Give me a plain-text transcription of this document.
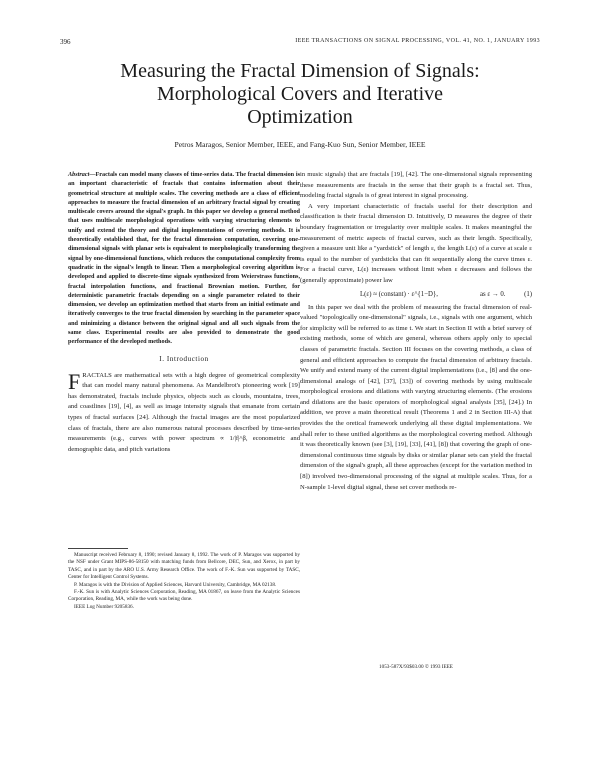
396	IEEE TRANSACTIONS ON SIGNAL PROCESSING, VOL. 41, NO. 1, JANUARY 1993
Measuring the Fractal Dimension of Signals:
Morphological Covers and Iterative
Optimization
Petros Maragos, Senior Member, IEEE, and Fang-Kuo Sun, Senior Member, IEEE

Abstract—Fractals can model many classes of time-series data. The fractal dimension is an important characteristic of fractals that contains information about their geometrical structure at multiple scales. The covering methods are a class of efficient approaches to measure the fractal dimension of an arbitrary fractal signal by creating multiscale covers around the signal's graph. In this paper we develop a general method that uses multiscale morphological operations with varying structuring elements to unify and extend the theory and digital implementations of covering methods. It is theoretically established that, for the fractal dimension computation, covering one-dimensional signals with planar sets is equivalent to morphologically transforming the signal by one-dimensional functions, which reduces the computational complexity from quadratic in the signal's length to linear. Then a morphological covering algorithm is developed and applied to discrete-time signals synthesized from Weierstrass functions, fractal interpolation functions, and fractional Brownian motion. Further, for deterministic parametric fractals depending on a single parameter related to their dimension, we develop an optimization method that starts from an initial estimate and iteratively converges to the true fractal dimension by searching in the parameter space and minimizing a distance between the original signal and all such signals from the same class. Experimental results are also provided to demonstrate the good performance of the developed methods.

I. Introduction

FRACTALS are mathematical sets with a high degree of geometrical complexity that can model many natural phenomena. As Mandelbrot's pioneering work [19] has demonstrated, fractals include physics, objects such as clouds, mountains, trees, and coastlines [19], [4], as well as image intensity signals that emanate from certain types of fractal surfaces [24]. Although the fractal images are the most popularized class of fractals, there are also numerous natural processes described by time-series measurements (e.g., curves with power spectrum ∝ 1/|f|^β, econometric and demographic data, and pitch variations

Manuscript received February 8, 1990; revised January 8, 1992. The work of P. Maragos was supported by the NSF under Grant MIPS-86-58150 with matching funds from Bellcore, DEC, Sun, and Xerox, in part by TASC, and in part by the ARO U.S. Army Research Office. The work of F.-K. Sun was supported by TASC, Center for Intelligent Control Systems.

P. Maragos is with the Division of Applied Sciences, Harvard University, Cambridge, MA 02138.

F.-K. Sun is with Analytic Sciences Corporation, Reading, MA 01867, on leave from the Analytic Sciences Corporation, Reading, MA, while the work was being done.

IEEE Log Number 9205836.

in music signals) that are fractals [19], [42]. The one-dimensional signals representing these measurements are fractals in the sense that their graph is a fractal set. Thus, modeling fractal signals is of great interest in signal processing.

A very important characteristic of fractals useful for their description and classification is their fractal dimension D. Intuitively, D measures the degree of their boundary fragmentation or irregularity over multiple scales. It makes meaningful the measurement of metric aspects of fractal curves, such as their length. Specifically, given a measure unit like a "yardstick" of length ε, the length L(ε) of a curve at scale ε is equal to the number of yardsticks that can fit sequentially along the curve times ε. For a fractal curve, L(ε) increases without limit when ε decreases and follows the (generally approximate) power law

L(ε) ≈ (constant) · ε^{1−D},	as ε → 0.	(1)

In this paper we deal with the problem of measuring the fractal dimension of real-valued "topologically one-dimensional" signals, i.e., signals with one argument, which for simplicity will be referred to as time t. We start in Section II with a brief survey of existing methods, some of which are general, whereas others apply only to special classes of parametric fractals. Section III focuses on the covering methods, a class of general and efficient approaches to compute the fractal dimension of arbitrary fractals. We unify and extend many of the current digital implementations (i.e., [8] and the one-dimensional analogs of [42], [37], [33]) of covering methods by using multiscale morphological erosions and dilations with varying structuring elements. (The erosions and dilations are the basic operators of morphological signal analysis [35], [24].) In addition, we prove a main theoretical result (Theorems 1 and 2 in Section III-A) that provides the the oretical framework underlying all these digital implementations. We shall refer to these unified algorithms as the morphological covering method. Although it was theoretically known (see [3], [19], [33], [41], [8]) that covering the graph of one-dimensional continuous time signals by disks or similar planar sets can yield the fractal dimension of the signal's graph, all these approaches (except for the variation method in [8]) involved two-dimensional processing of the signal at multiple scales. Thus, for a N-sample 1-level digital signal, these set cover methods re-

1053-587X/93$03.00 © 1993 IEEE
